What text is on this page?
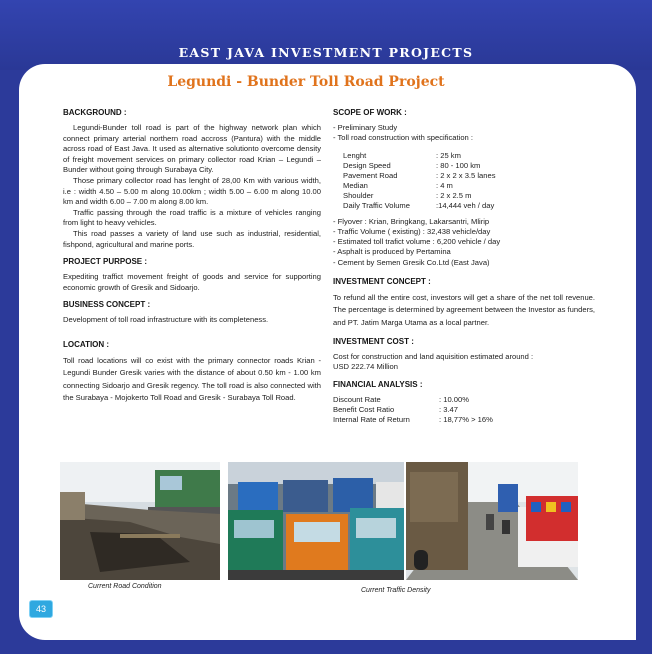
EAST JAVA INVESTMENT PROJECTS
Legundi - Bunder Toll Road Project
BACKGROUND :

Legundi-Bunder toll road is part of the highway network plan which connect primary arterial northern road accross (Pantura) with the middle across road of East Java. It used as alternative solutionto overcome density of freight movement services on primary collector road Krian – Legundi – Bunder without going through Surabaya City.

Those primary collector road has lenght of 28,00 Km with various width, i.e : width 4.50 – 5.00 m along 10.00km ; width 5.00 – 6.00 m along 10.00 km and width 6.00 – 7.00 m along 8.00 km.

Traffic passing through the road traffic is a mixture of vehicles ranging from light to heavy vehicles.

This road passes a variety of land use such as industrial, residential, fishpond, agricultural and marine ports.

PROJECT PURPOSE :

Expediting traffict movement freight of goods and service for supporting economic growth of Gresik and Sidoarjo.

BUSINESS CONCEPT :

Development of toll road infrastructure with its completeness.

LOCATION :

Toll road locations will co exist with the primary connector roads Krian - Legundi Bunder Gresik varies with the distance of about 0.50 km - 1.00 km connecting Sidoarjo and Gresik regency. The toll road is also connected with the Surabaya - Mojokerto Toll Road and Gresik - Surabaya Toll Road.

SCOPE OF WORK :
- Preliminary Study
- Toll road construction with specification :
Lenght	: 25 km
Design Speed	: 80 - 100 km
Pavement Road	: 2 x 2 x 3.5 lanes
Median	: 4 m
Shoulder	: 2 x 2.5 m
Daily Traffic Volume	:14,444 veh / day
- Flyover : Krian, Bringkang, Lakarsantri, Mlirip
- Traffic Volume ( existing) : 32,438 vehicle/day
- Estimated toll trafict volume : 6,200 vehicle / day
- Asphalt is produced by Pertamina
- Cement by Semen Gresik Co.Ltd (East Java)
INVESTMENT CONCEPT :

To refund all the entire cost, investors will get a share of the net toll revenue. The percentage is determined by agreement between the Investor as funders, and PT. Jatim Marga Utama as a local partner.

INVESTMENT COST :
Cost for construction and land aquisition estimated around :
USD 222.74 Million
FINANCIAL ANALYSIS :
Discount Rate	: 10.00%
Benefit Cost Ratio	: 3.47
Internal Rate of Return	: 18,77% > 16%
Current Road Condition
Current Traffic Density
43
